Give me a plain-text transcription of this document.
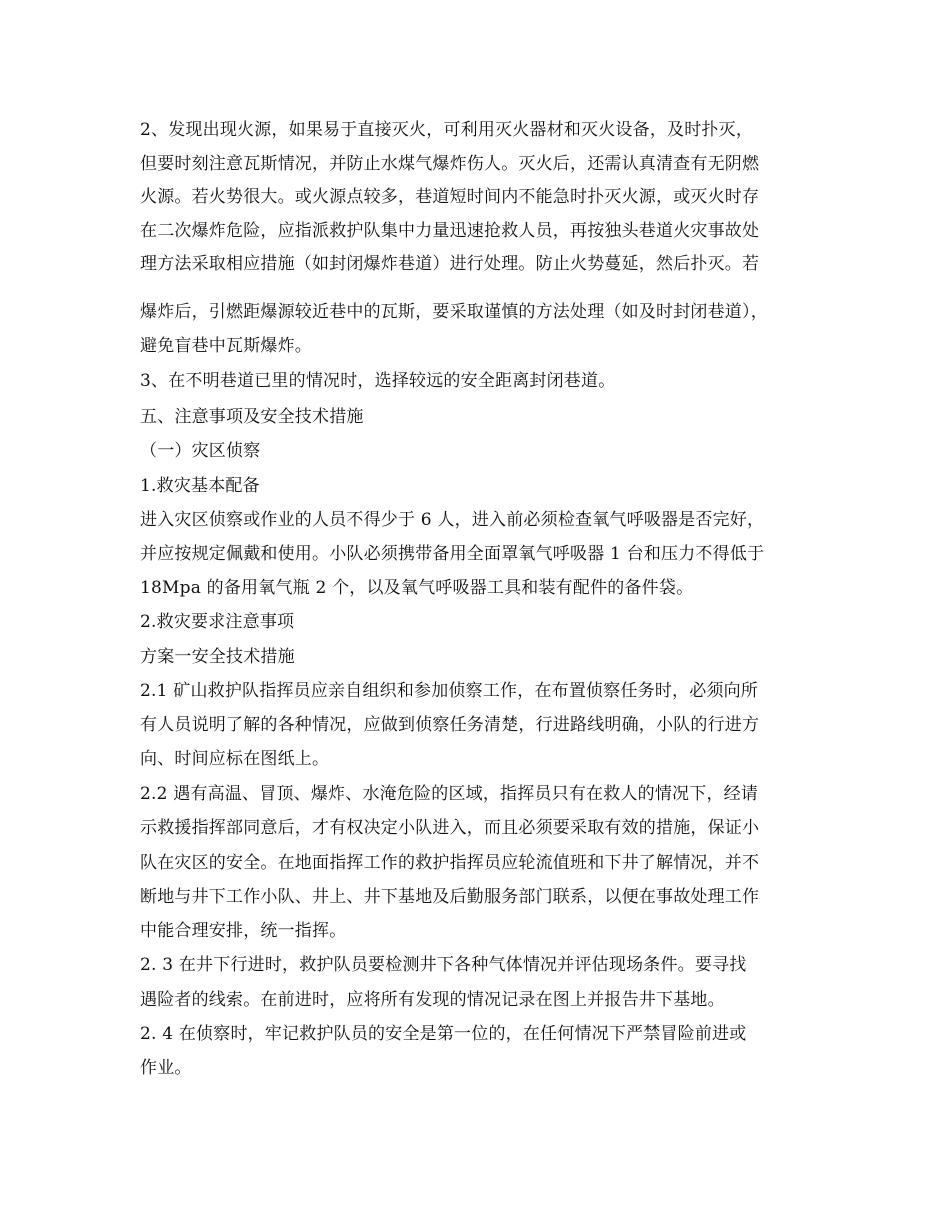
2、发现出现火源，如果易于直接灭火，可利用灭火器材和灭火设备，及时扑灭，
但要时刻注意瓦斯情况，并防止水煤气爆炸伤人。灭火后，还需认真清查有无阴燃
火源。若火势很大。或火源点较多，巷道短时间内不能急时扑灭火源，或灭火时存
在二次爆炸危险，应指派救护队集中力量迅速抢救人员，再按独头巷道火灾事故处
理方法采取相应措施（如封闭爆炸巷道）进行处理。防止火势蔓延，然后扑灭。若
爆炸后，引燃距爆源较近巷中的瓦斯，要采取谨慎的方法处理（如及时封闭巷道），
避免盲巷中瓦斯爆炸。
3、在不明巷道已里的情况时，选择较远的安全距离封闭巷道。
五、注意事项及安全技术措施
（一）灾区侦察
1.救灾基本配备
进入灾区侦察或作业的人员不得少于 6 人，进入前必须检查氧气呼吸器是否完好，
并应按规定佩戴和使用。小队必须携带备用全面罩氧气呼吸器 1 台和压力不得低于
18Mpa 的备用氧气瓶 2 个，以及氧气呼吸器工具和装有配件的备件袋。
2.救灾要求注意事项
方案一安全技术措施
2.1 矿山救护队指挥员应亲自组织和参加侦察工作，在布置侦察任务时，必须向所
有人员说明了解的各种情况，应做到侦察任务清楚，行进路线明确，小队的行进方
向、时间应标在图纸上。
2.2 遇有高温、冒顶、爆炸、水淹危险的区域，指挥员只有在救人的情况下，经请
示救援指挥部同意后，才有权决定小队进入，而且必须要采取有效的措施，保证小
队在灾区的安全。在地面指挥工作的救护指挥员应轮流值班和下井了解情况，并不
断地与井下工作小队、井上、井下基地及后勤服务部门联系，以便在事故处理工作
中能合理安排，统一指挥。
2. 3 在井下行进时，救护队员要检测井下各种气体情况并评估现场条件。要寻找
遇险者的线索。在前进时，应将所有发现的情况记录在图上并报告井下基地。
2. 4 在侦察时，牢记救护队员的安全是第一位的，在任何情况下严禁冒险前进或
作业。
